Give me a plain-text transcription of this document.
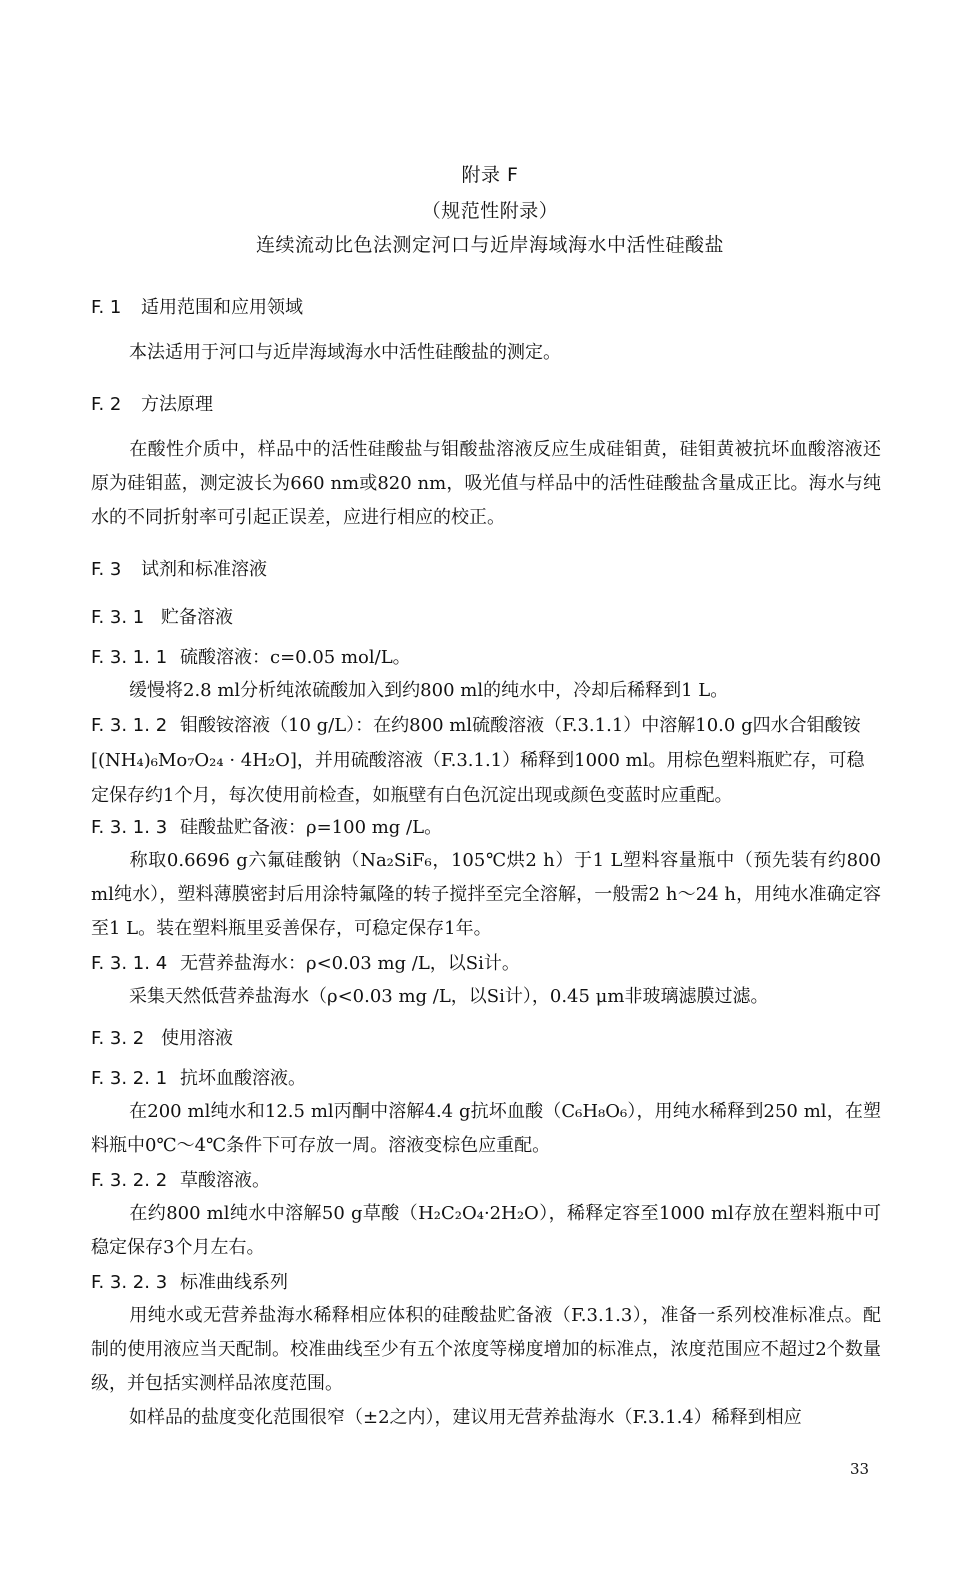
附录 F
（规范性附录）
连续流动比色法测定河口与近岸海域海水中活性硅酸盐
F. 1 适用范围和应用领域
本法适用于河口与近岸海域海水中活性硅酸盐的测定。
F. 2 方法原理
在酸性介质中，样品中的活性硅酸盐与钼酸盐溶液反应生成硅钼黄，硅钼黄被抗坏血酸溶液还原为硅钼蓝，测定波长为660 nm或820 nm，吸光值与样品中的活性硅酸盐含量成正比。海水与纯水的不同折射率可引起正误差，应进行相应的校正。
F. 3 试剂和标准溶液
F. 3. 1 贮备溶液
F. 3. 1. 1 硫酸溶液：c=0.05 mol/L。
缓慢将2.8 ml分析纯浓硫酸加入到约800 ml的纯水中，冷却后稀释到1 L。
F. 3. 1. 2 钼酸铵溶液（10 g/L）：在约800 ml硫酸溶液（F.3.1.1）中溶解10.0 g四水合钼酸铵[(NH₄)₆Mo₇O₂₄ · 4H₂O]，并用硫酸溶液（F.3.1.1）稀释到1000 ml。用棕色塑料瓶贮存，可稳定保存约1个月，每次使用前检查，如瓶壁有白色沉淀出现或颜色变蓝时应重配。
F. 3. 1. 3 硅酸盐贮备液：ρ=100 mg /L。
称取0.6696 g六氟硅酸钠（Na₂SiF₆，105℃烘2 h）于1 L塑料容量瓶中（预先装有约800 ml纯水），塑料薄膜密封后用涂特氟隆的转子搅拌至完全溶解，一般需2 h～24 h，用纯水准确定容至1 L。装在塑料瓶里妥善保存，可稳定保存1年。
F. 3. 1. 4 无营养盐海水：ρ<0.03 mg /L，以Si计。
采集天然低营养盐海水（ρ<0.03 mg /L，以Si计），0.45 μm非玻璃滤膜过滤。
F. 3. 2 使用溶液
F. 3. 2. 1 抗坏血酸溶液。
在200 ml纯水和12.5 ml丙酮中溶解4.4 g抗坏血酸（C₆H₈O₆），用纯水稀释到250 ml，在塑料瓶中0℃～4℃条件下可存放一周。溶液变棕色应重配。
F. 3. 2. 2 草酸溶液。
在约800 ml纯水中溶解50 g草酸（H₂C₂O₄·2H₂O），稀释定容至1000 ml存放在塑料瓶中可稳定保存3个月左右。
F. 3. 2. 3 标准曲线系列
用纯水或无营养盐海水稀释相应体积的硅酸盐贮备液（F.3.1.3），准备一系列校准标准点。配制的使用液应当天配制。校准曲线至少有五个浓度等梯度增加的标准点，浓度范围应不超过2个数量级，并包括实测样品浓度范围。
如样品的盐度变化范围很窄（±2之内），建议用无营养盐海水（F.3.1.4）稀释到相应
33
